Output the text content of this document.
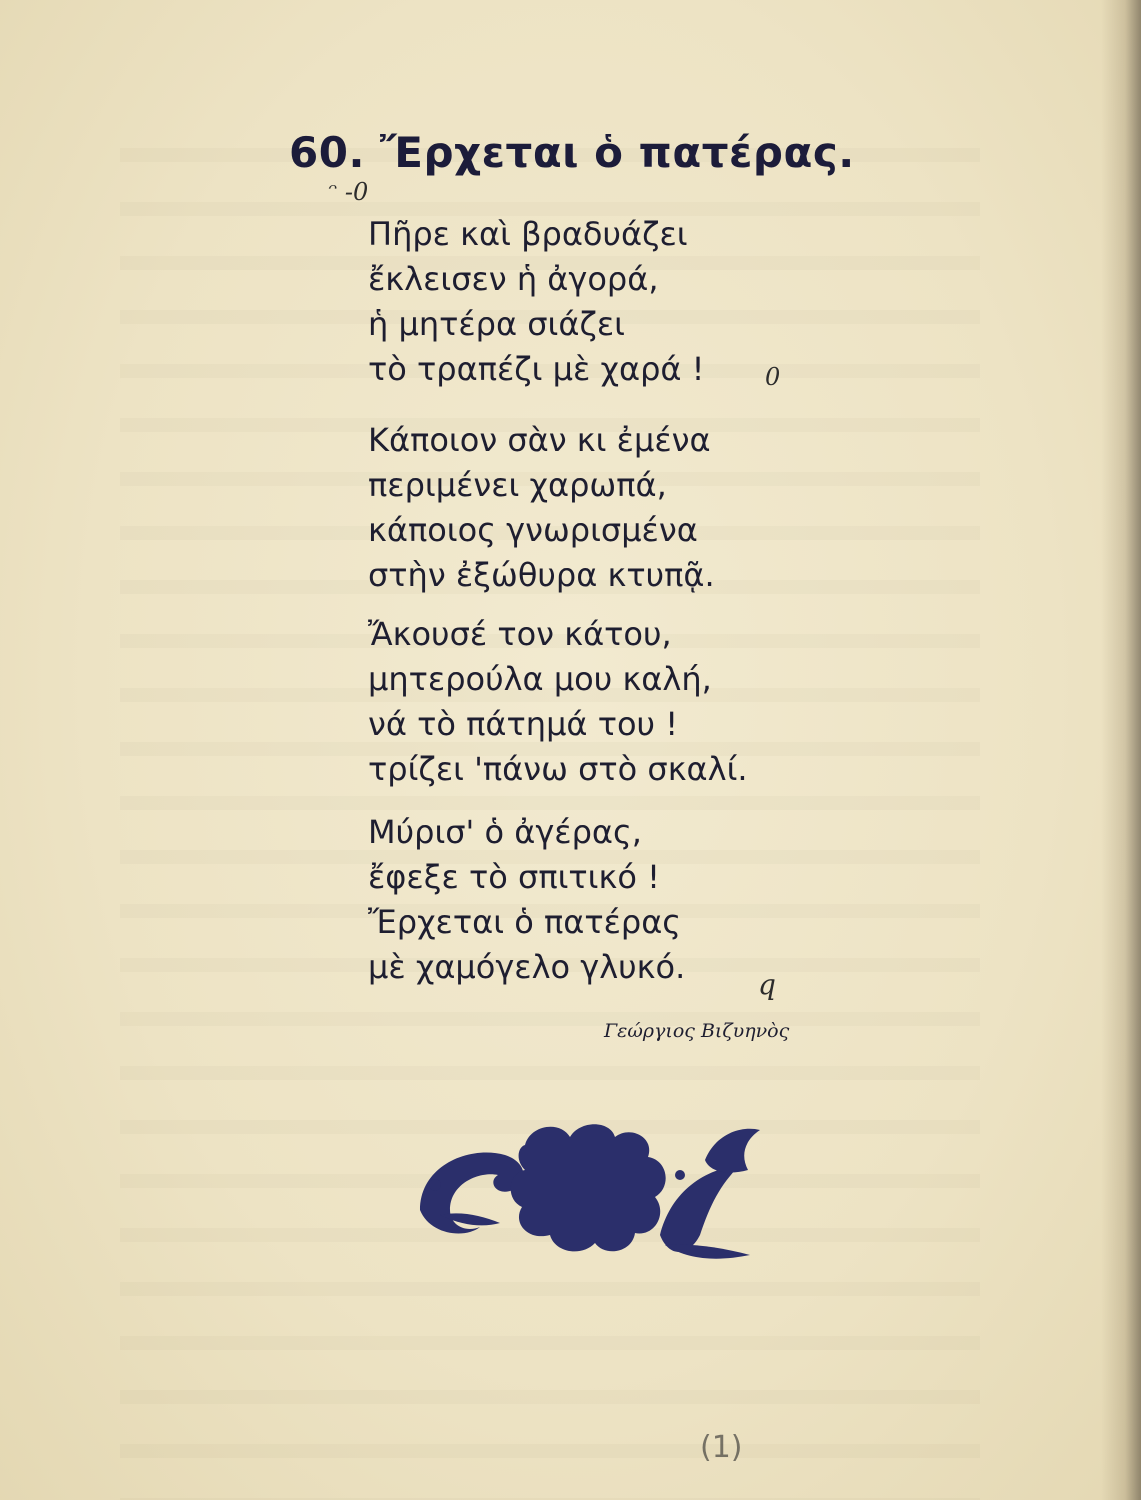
60. Ἔρχεται ὁ πατέρας.
ᵔ -0
Πῆρε καὶ βραδυάζει
ἔκλεισεν ἡ ἀγορά,
ἡ μητέρα σιάζει
τὸ τραπέζι μὲ χαρά !	0
Κάποιον σὰν κι ἐμένα
περιμένει χαρωπά,
κάποιος γνωρισμένα
στὴν ἐξώθυρα κτυπᾷ.
Ἄκουσέ τον κάτου,
μητερούλα μου καλή,
νά τὸ πάτημά του !
τρίζει 'πάνω στὸ σκαλί.
Μύρισ' ὁ ἀγέρας,
ἔφεξε τὸ σπιτικό !
Ἔρχεται ὁ πατέρας
μὲ χαμόγελο γλυκό.	q
Γεώργιος Βιζυηνὸς
(1)
